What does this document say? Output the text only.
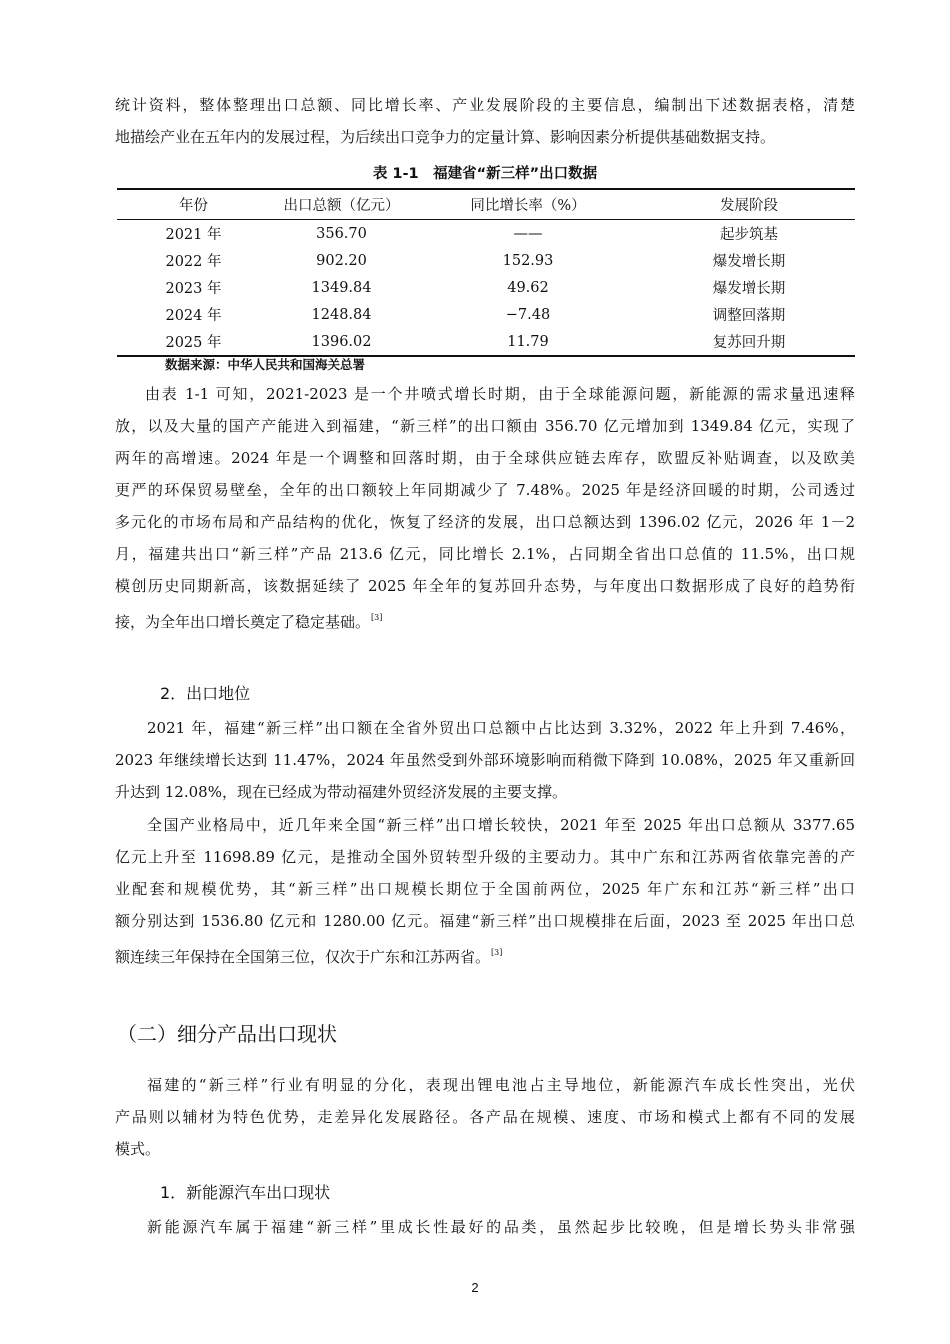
统计资料，整体整理出口总额、同比增长率、产业发展阶段的主要信息，编制出下述数据表格，清楚
地描绘产业在五年内的发展过程，为后续出口竞争力的定量计算、影响因素分析提供基础数据支持。
表 1-1　福建省“新三样”出口数据
年份	出口总额（亿元）	同比增长率（%）	发展阶段
2021 年	356.70	——	起步筑基
2022 年	902.20	152.93	爆发增长期
2023 年	1349.84	49.62	爆发增长期
2024 年	1248.84	−7.48	调整回落期
2025 年	1396.02	11.79	复苏回升期
数据来源：中华人民共和国海关总署
由表 1-1 可知，2021-2023 是一个井喷式增长时期，由于全球能源问题，新能源的需求量迅速释
放，以及大量的国产产能进入到福建，“新三样”的出口额由 356.70 亿元增加到 1349.84 亿元，实现了
两年的高增速。2024 年是一个调整和回落时期，由于全球供应链去库存，欧盟反补贴调查，以及欧美
更严的环保贸易壁垒，全年的出口额较上年同期减少了 7.48%。2025 年是经济回暖的时期，公司透过
多元化的市场布局和产品结构的优化，恢复了经济的发展，出口总额达到 1396.02 亿元，2026 年 1－2
月，福建共出口“新三样”产品 213.6 亿元，同比增长 2.1%，占同期全省出口总值的 11.5%，出口规
模创历史同期新高，该数据延续了 2025 年全年的复苏回升态势，与年度出口数据形成了良好的趋势衔
接，为全年出口增长奠定了稳定基础。[3]
2．出口地位
2021 年，福建“新三样”出口额在全省外贸出口总额中占比达到 3.32%，2022 年上升到 7.46%，
2023 年继续增长达到 11.47%，2024 年虽然受到外部环境影响而稍微下降到 10.08%，2025 年又重新回
升达到 12.08%，现在已经成为带动福建外贸经济发展的主要支撑。
全国产业格局中，近几年来全国“新三样”出口增长较快，2021 年至 2025 年出口总额从 3377.65
亿元上升至 11698.89 亿元，是推动全国外贸转型升级的主要动力。其中广东和江苏两省依靠完善的产
业配套和规模优势，其“新三样”出口规模长期位于全国前两位，2025 年广东和江苏“新三样”出口
额分别达到 1536.80 亿元和 1280.00 亿元。福建“新三样”出口规模排在后面，2023 至 2025 年出口总
额连续三年保持在全国第三位，仅次于广东和江苏两省。[3]
（二）细分产品出口现状
福建的“新三样”行业有明显的分化，表现出锂电池占主导地位，新能源汽车成长性突出，光伏
产品则以辅材为特色优势，走差异化发展路径。各产品在规模、速度、市场和模式上都有不同的发展
模式。
1．新能源汽车出口现状
新能源汽车属于福建“新三样”里成长性最好的品类，虽然起步比较晚，但是增长势头非常强
2
